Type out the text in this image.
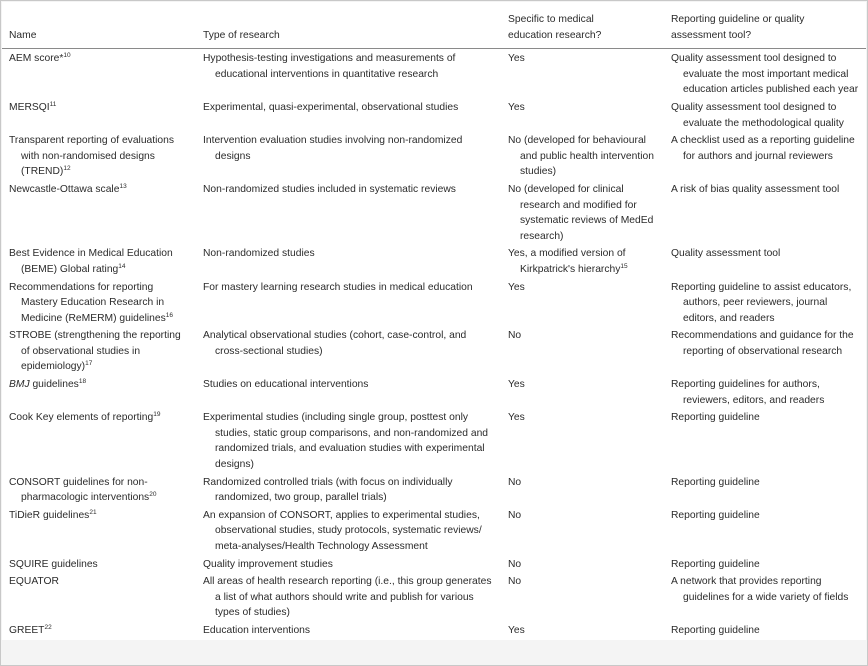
Name	Type of research	Specific to medical education research?	Reporting guideline or quality assessment tool?

AEM score*$^{10}$	Hypothesis-testing investigations and measurements of educational interventions in quantitative research	Yes	Quality assessment tool designed to evaluate the most important medical education articles published each year

MERSQI$^{11}$	Experimental, quasi-experimental, observational studies	Yes	Quality assessment tool designed to evaluate the methodological quality

Transparent reporting of evaluations with non-randomised designs (TREND)$^{12}$	Intervention evaluation studies involving non-randomized designs	No (developed for behavioural and public health intervention studies)	A checklist used as a reporting guideline for authors and journal reviewers

Newcastle-Ottawa scale$^{13}$	Non-randomized studies included in systematic reviews	No (developed for clinical research and modified for systematic reviews of MedEd research)	A risk of bias quality assessment tool

Best Evidence in Medical Education (BEME) Global rating$^{14}$	Non-randomized studies	Yes, a modified version of Kirkpatrick's hierarchy$^{15}$	Quality assessment tool

Recommendations for reporting Mastery Education Research in Medicine (ReMERM) guidelines$^{16}$	For mastery learning research studies in medical education	Yes	Reporting guideline to assist educators, authors, peer reviewers, journal editors, and readers

STROBE (strengthening the reporting of observational studies in epidemiology)$^{17}$	Analytical observational studies (cohort, case-control, and cross-sectional studies)	No	Recommendations and guidance for the reporting of observational research

BMJ guidelines$^{18}$	Studies on educational interventions	Yes	Reporting guidelines for authors, reviewers, editors, and readers

Cook Key elements of reporting$^{19}$	Experimental studies (including single group, posttest only studies, static group comparisons, and non-randomized and randomized trials, and evaluation studies with experimental designs)	Yes	Reporting guideline

CONSORT guidelines for non-pharmacologic interventions$^{20}$	Randomized controlled trials (with focus on individually randomized, two group, parallel trials)	No	Reporting guideline

TiDieR guidelines$^{21}$	An expansion of CONSORT, applies to experimental studies, observational studies, study protocols, systematic reviews/ meta-analyses/Health Technology Assessment	No	Reporting guideline

SQUIRE guidelines	Quality improvement studies	No	Reporting guideline

EQUATOR	All areas of health research reporting (i.e., this group generates a list of what authors should write and publish for various types of studies)	No	A network that provides reporting guidelines for a wide variety of fields

GREET$^{22}$	Education interventions	Yes	Reporting guideline
